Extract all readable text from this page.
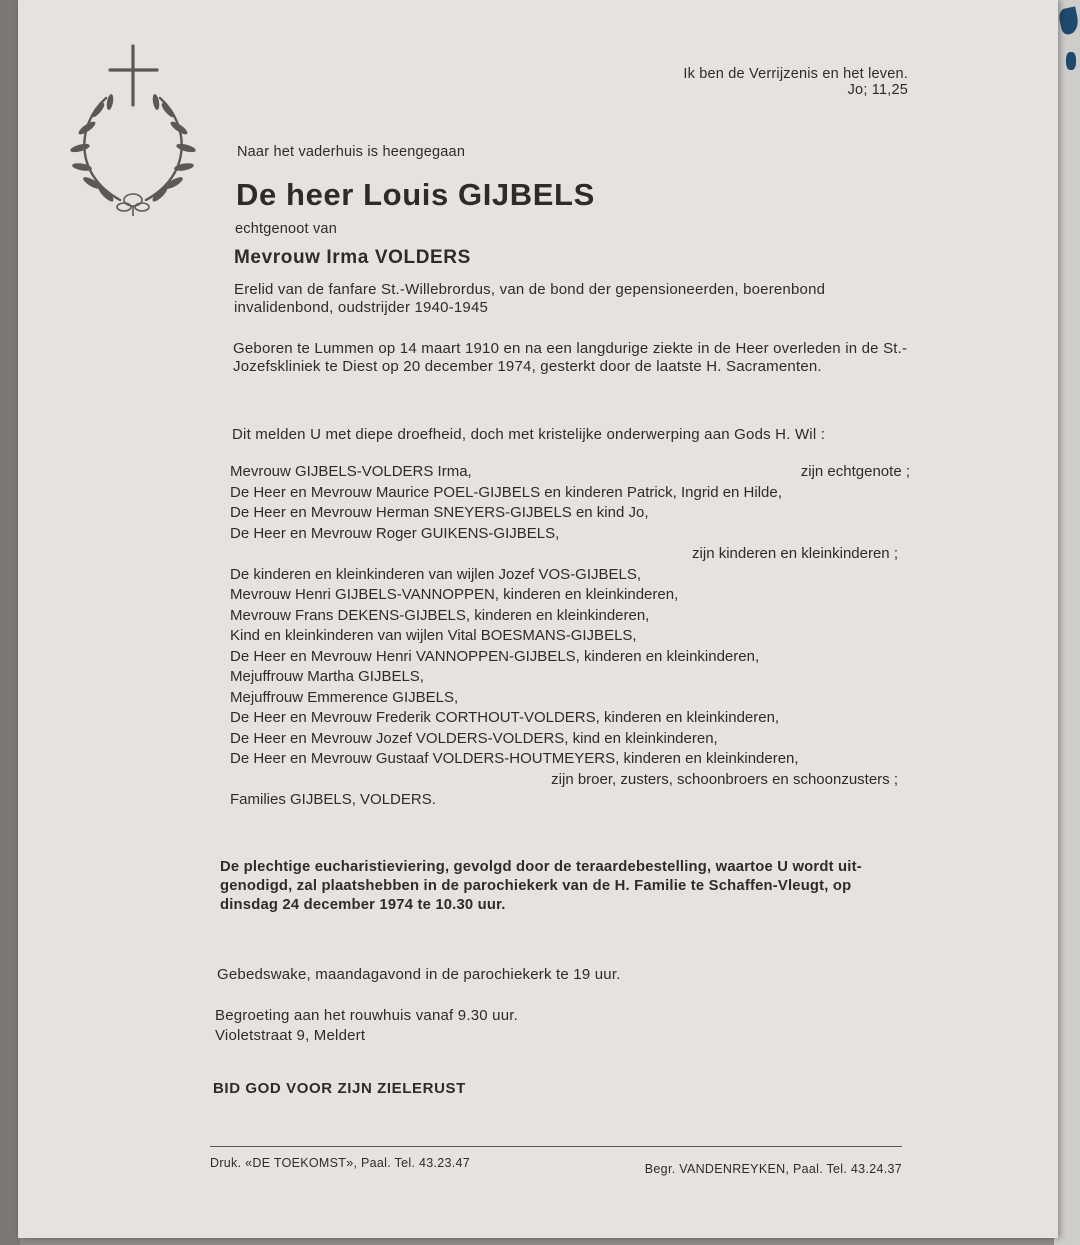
Ik ben de Verrijzenis en het leven.
Jo; 11,25
Naar het vaderhuis is heengegaan
De heer Louis GIJBELS
echtgenoot van
Mevrouw Irma VOLDERS
Erelid van de fanfare St.-Willebrordus, van de bond der gepensioneerden, boerenbond invalidenbond, oudstrijder 1940-1945
Geboren te Lummen op 14 maart 1910 en na een langdurige ziekte in de Heer overleden in de St.-Jozefskliniek te Diest op 20 december 1974, gesterkt door de laatste H. Sacramenten.
Dit melden U met diepe droefheid, doch met kristelijke onderwerping aan Gods H. Wil :
Mevrouw GIJBELS-VOLDERS Irma,	zijn echtgenote ;
De Heer en Mevrouw Maurice POEL-GIJBELS en kinderen Patrick, Ingrid en Hilde,
De Heer en Mevrouw Herman SNEYERS-GIJBELS en kind Jo,
De Heer en Mevrouw Roger GUIKENS-GIJBELS,
zijn kinderen en kleinkinderen ;
De kinderen en kleinkinderen van wijlen Jozef VOS-GIJBELS,
Mevrouw Henri GIJBELS-VANNOPPEN, kinderen en kleinkinderen,
Mevrouw Frans DEKENS-GIJBELS, kinderen en kleinkinderen,
Kind en kleinkinderen van wijlen Vital BOESMANS-GIJBELS,
De Heer en Mevrouw Henri VANNOPPEN-GIJBELS, kinderen en kleinkinderen,
Mejuffrouw Martha GIJBELS,
Mejuffrouw Emmerence GIJBELS,
De Heer en Mevrouw Frederik CORTHOUT-VOLDERS, kinderen en kleinkinderen,
De Heer en Mevrouw Jozef VOLDERS-VOLDERS, kind en kleinkinderen,
De Heer en Mevrouw Gustaaf VOLDERS-HOUTMEYERS, kinderen en kleinkinderen,
zijn broer, zusters, schoonbroers en schoonzusters ;
Families GIJBELS, VOLDERS.
De plechtige eucharistieviering, gevolgd door de teraardebestelling, waartoe U wordt uit-genodigd, zal plaatshebben in de parochiekerk van de H. Familie te Schaffen-Vleugt, op dinsdag 24 december 1974 te 10.30 uur.
Gebedswake, maandagavond in de parochiekerk te 19 uur.
Begroeting aan het rouwhuis vanaf 9.30 uur.
Violetstraat 9, Meldert
BID GOD VOOR ZIJN ZIELERUST
Druk. «DE TOEKOMST», Paal. Tel. 43.23.47	Begr. VANDENREYKEN, Paal. Tel. 43.24.37
